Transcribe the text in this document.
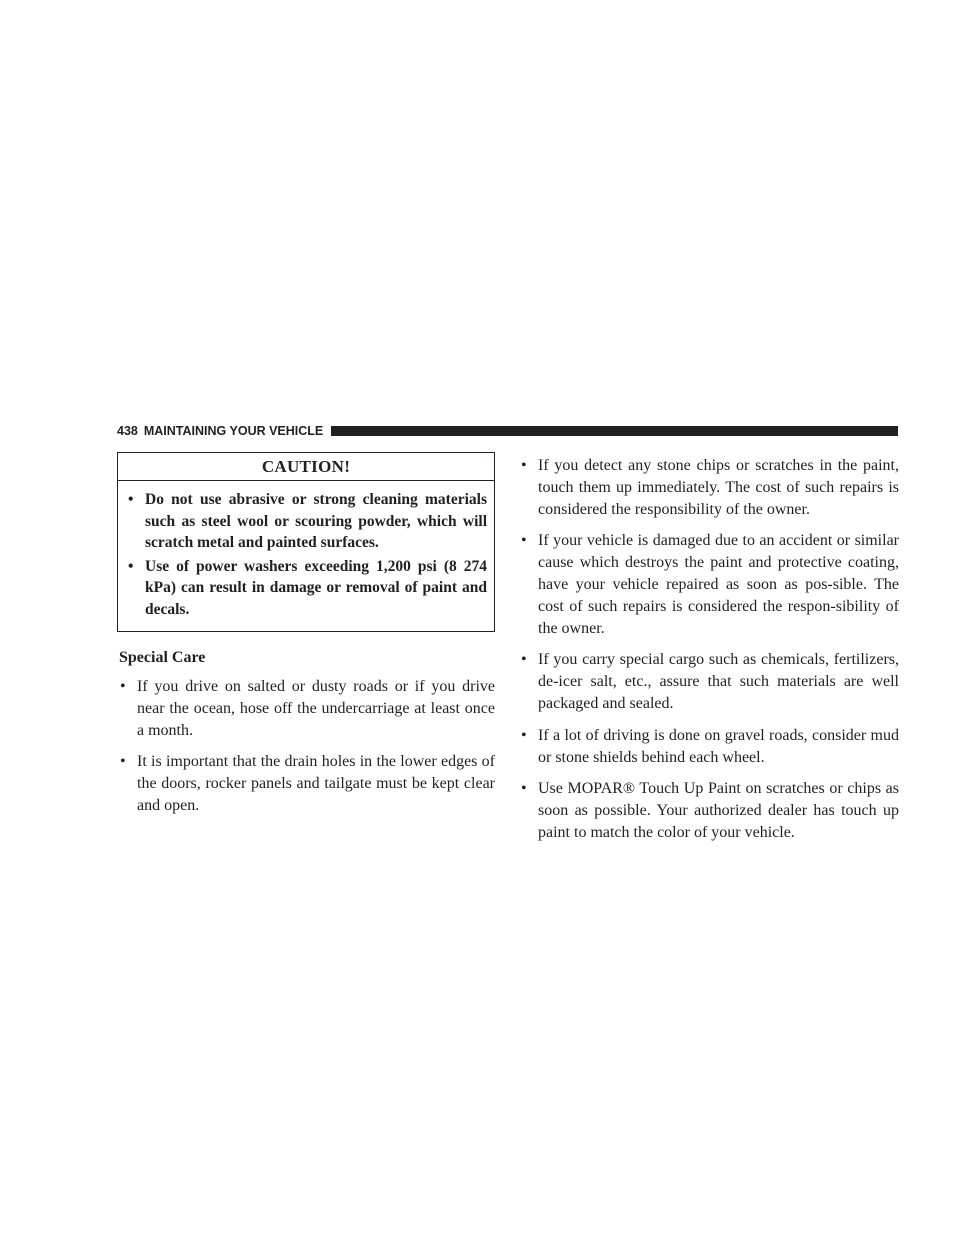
438 MAINTAINING YOUR VEHICLE
CAUTION!
• Do not use abrasive or strong cleaning materials such as steel wool or scouring powder, which will scratch metal and painted surfaces.
• Use of power washers exceeding 1,200 psi (8 274 kPa) can result in damage or removal of paint and decals.
Special Care
• If you drive on salted or dusty roads or if you drive near the ocean, hose off the undercarriage at least once a month.
• It is important that the drain holes in the lower edges of the doors, rocker panels and tailgate must be kept clear and open.
• If you detect any stone chips or scratches in the paint, touch them up immediately. The cost of such repairs is considered the responsibility of the owner.
• If your vehicle is damaged due to an accident or similar cause which destroys the paint and protective coating, have your vehicle repaired as soon as pos-sible. The cost of such repairs is considered the respon-sibility of the owner.
• If you carry special cargo such as chemicals, fertilizers, de-icer salt, etc., assure that such materials are well packaged and sealed.
• If a lot of driving is done on gravel roads, consider mud or stone shields behind each wheel.
• Use MOPAR® Touch Up Paint on scratches or chips as soon as possible. Your authorized dealer has touch up paint to match the color of your vehicle.
